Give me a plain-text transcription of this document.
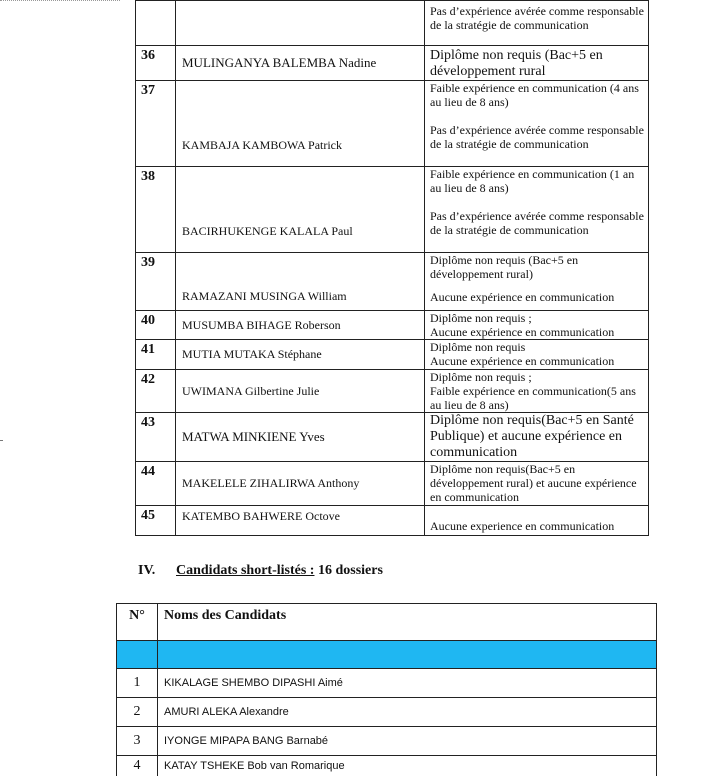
		Pas d’expérience avérée comme responsable de la stratégie de communication

36	MULINGANYA BALEMBA Nadine	Diplôme non requis (Bac+5 en développement rural

37	KAMBAJA KAMBOWA Patrick	Faible expérience en communication (4 ans au lieu de 8 ans)
Pas d’expérience avérée comme responsable de la stratégie de communication

38	BACIRHUKENGE KALALA Paul	Faible expérience en communication (1 an au lieu de 8 ans)
Pas d’expérience avérée comme responsable de la stratégie de communication

39	RAMAZANI MUSINGA William	Diplôme non requis (Bac+5 en développement rural)
Aucune expérience en communication

40	MUSUMBA BIHAGE Roberson	Diplôme non requis ;
Aucune expérience en communication

41	MUTIA MUTAKA Stéphane	Diplôme non requis
Aucune expérience en communication

42	UWIMANA Gilbertine Julie	Diplôme non requis ;
Faible expérience en communication(5 ans au lieu de 8 ans)

43	MATWA MINKIENE Yves	Diplôme non requis(Bac+5 en Santé Publique) et aucune expérience en communication

44	MAKELELE ZIHALIRWA Anthony	Diplôme non requis(Bac+5 en développement rural) et aucune expérience en communication

45	KATEMBO BAHWERE Octove	Aucune experience en communication
IV. Candidats short-listés : 16 dossiers
N°	Noms des Candidats

1	KIKALAGE SHEMBO DIPASHI Aimé
2	AMURI ALEKA Alexandre
3	IYONGE MIPAPA BANG Barnabé
4	KATAY TSHEKE Bob van Romarique
